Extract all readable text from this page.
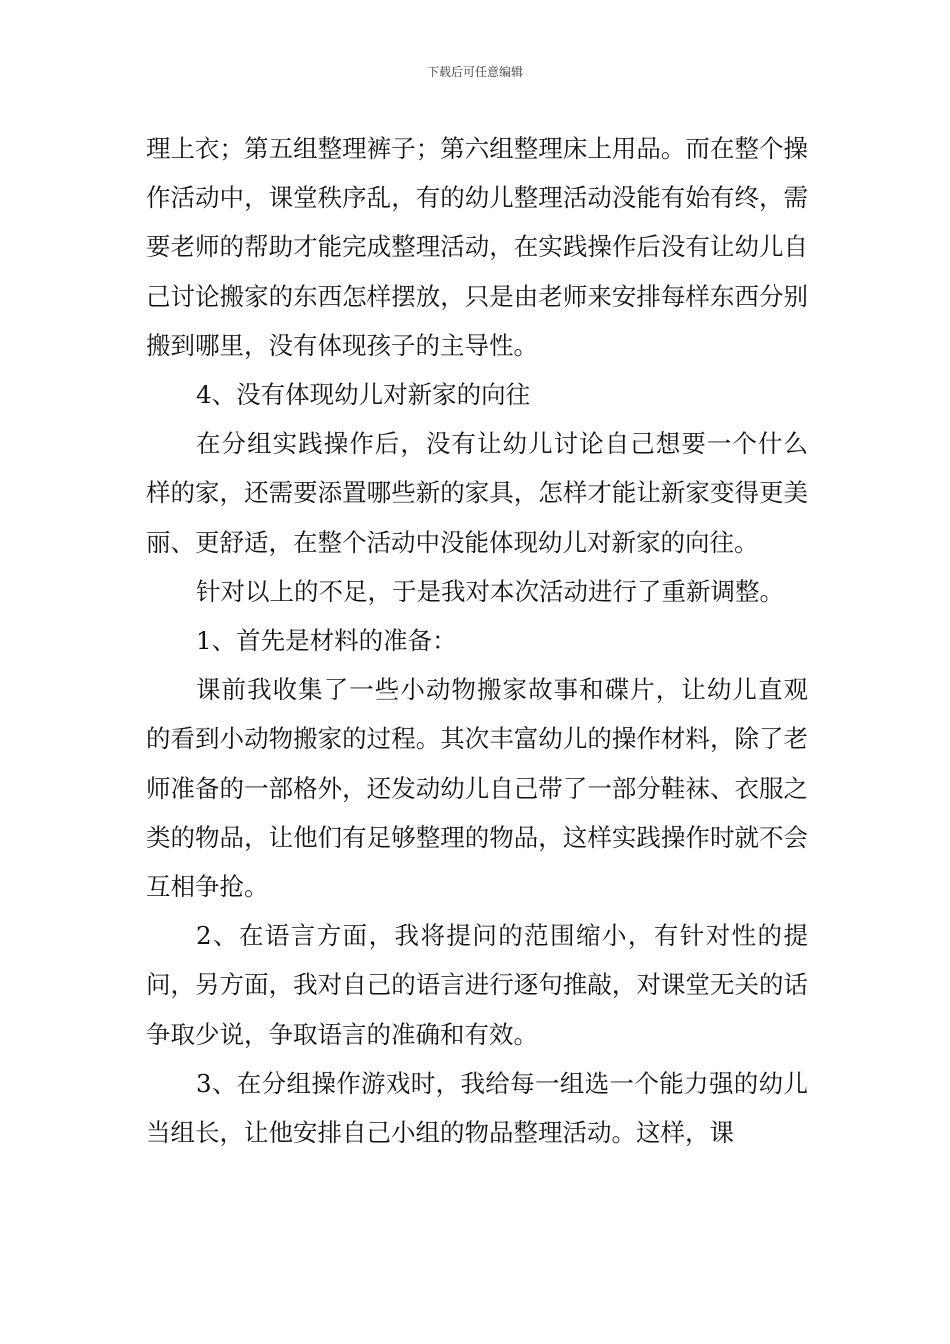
下载后可任意编辑

理上衣；第五组整理裤子；第六组整理床上用品。而在整个操作活动中，课堂秩序乱，有的幼儿整理活动没能有始有终，需要老师的帮助才能完成整理活动，在实践操作后没有让幼儿自己讨论搬家的东西怎样摆放，只是由老师来安排每样东西分别搬到哪里，没有体现孩子的主导性。

4、没有体现幼儿对新家的向往

在分组实践操作后，没有让幼儿讨论自己想要一个什么样的家，还需要添置哪些新的家具，怎样才能让新家变得更美丽、更舒适，在整个活动中没能体现幼儿对新家的向往。

针对以上的不足，于是我对本次活动进行了重新调整。

1、首先是材料的准备：

课前我收集了一些小动物搬家故事和碟片，让幼儿直观的看到小动物搬家的过程。其次丰富幼儿的操作材料，除了老师准备的一部格外，还发动幼儿自己带了一部分鞋袜、衣服之类的物品，让他们有足够整理的物品，这样实践操作时就不会互相争抢。

2、在语言方面，我将提问的范围缩小，有针对性的提问，另方面，我对自己的语言进行逐句推敲，对课堂无关的话争取少说，争取语言的准确和有效。

3、在分组操作游戏时，我给每一组选一个能力强的幼儿当组长，让他安排自己小组的物品整理活动。这样，课
